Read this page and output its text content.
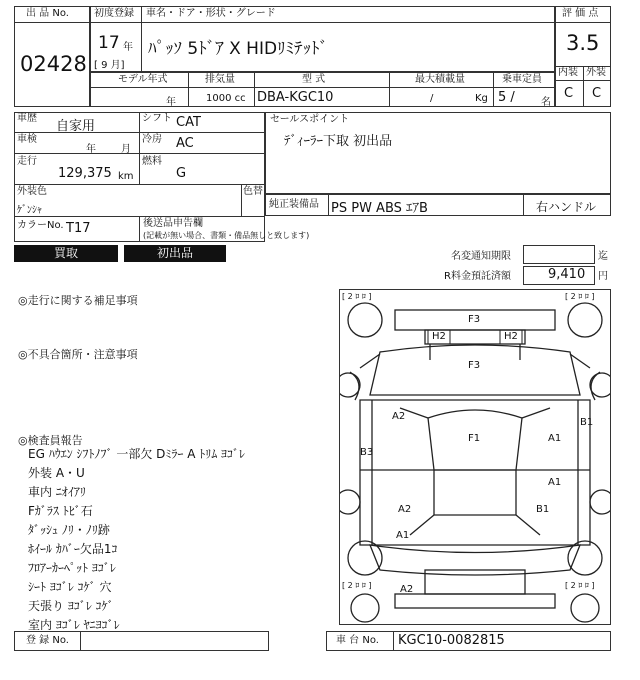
出 品 No.
02428
初度登録 車名・ドア・形状・グレード
17 年
[ 9 月]
ﾊﾟｯｿ 5ﾄﾞｱ X HIDﾘﾐﾃｯﾄﾞ
評 価 点
3.5
内装 外装
C C
モデル年式	排気量	型 式	最大積載量	乗車定員
年	1000 cc DBA-KGC10	/	Kg 5 /	名
車歴
自家用
車検
年	月
走行
129,375 km
シフト CAT
冷房 AC
燃料
G
外装色
ｹﾞﾝｼｬ
色替
カラーNo. T17	後送品申告欄
(記載が無い場合、書類・備品無しと致します)
セールスポイント
ﾃﾞｨｰﾗｰ下取 初出品
純正装備品 PS PW ABS ｴｱB	右ハンドル
買取	初出品	名変通知期限	迄
R料金預託済額	9,410 円
◎走行に関する補足事項
◎不具合箇所・注意事項
◎検査員報告
EG ﾊｳｴﾝ ｼﾌﾄﾉﾌﾞ 一部欠 Dﾐﾗｰ A ﾄﾘﾑ ﾖｺﾞﾚ
外装 A・U
車内 ﾆｵｲｱﾘ
Fｶﾞﾗｽ ﾄﾋﾞ石
ﾀﾞｯｼｭ ﾉﾘ・ﾉﾘ跡
ﾎｲｰﾙ ｶﾊﾞｰ欠品1ｺ
ﾌﾛｱｰｶｰﾍﾟｯﾄ ﾖｺﾞﾚ
ｼｰﾄ ﾖｺﾞﾚ ｺｹﾞ 穴
天張り ﾖｺﾞﾚ ｺｹﾞ
室内 ﾖｺﾞﾚ ﾔﾆﾖｺﾞﾚ
[ 2 ﾛ ﾛ ]	[ 2 ﾛ ﾛ ]
[ 2 ﾛ ﾛ ]	[ 2 ﾛ ﾛ ]
F3
H2	H2
F3
A2
B1
B3
F1	A1
A1
A2
A1
B1
A2
登 録 No.	車 台 No. KGC10-0082815
